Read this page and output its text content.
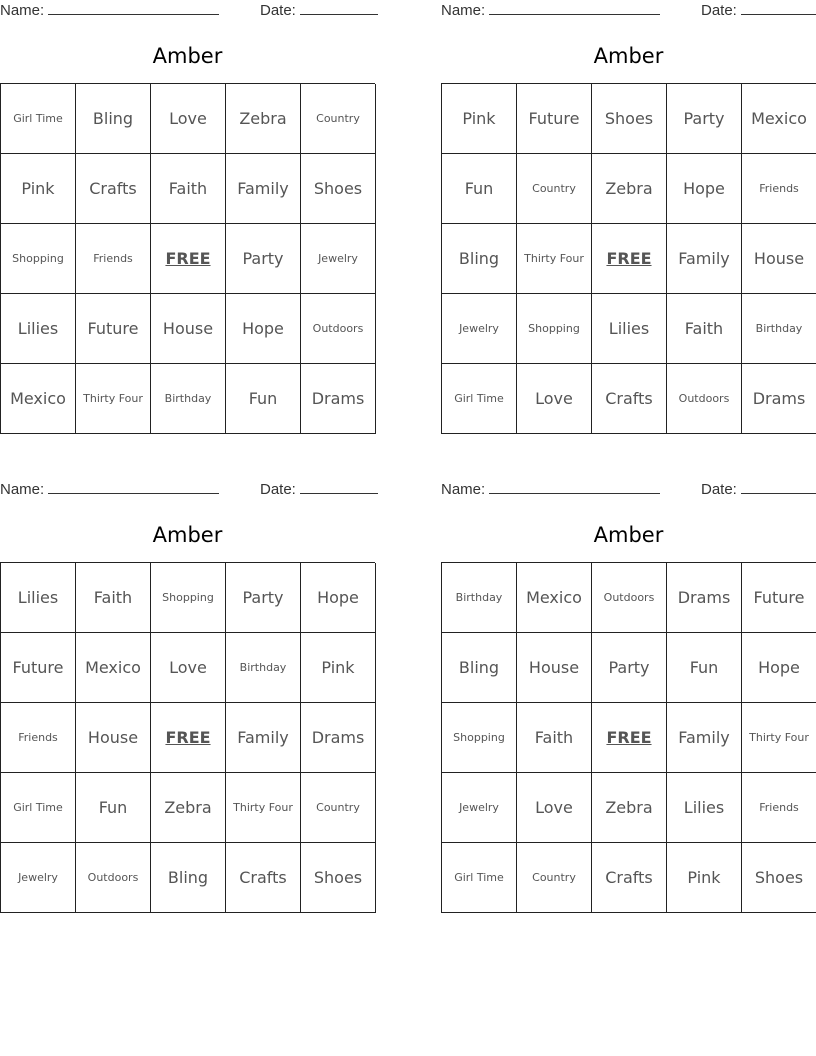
Name:	Date:
Amber
Girl Time	Bling	Love	Zebra	Country
Pink	Crafts	Faith	Family	Shoes
Shopping	Friends	FREE	Party	Jewelry
Lilies	Future	House	Hope	Outdoors
Mexico	Thirty Four	Birthday	Fun	Drams
Name:	Date:
Amber
Pink	Future	Shoes	Party	Mexico
Fun	Country	Zebra	Hope	Friends
Bling	Thirty Four	FREE	Family	House
Jewelry	Shopping	Lilies	Faith	Birthday
Girl Time	Love	Crafts	Outdoors	Drams
Name:	Date:
Amber
Lilies	Faith	Shopping	Party	Hope
Future	Mexico	Love	Birthday	Pink
Friends	House	FREE	Family	Drams
Girl Time	Fun	Zebra	Thirty Four	Country
Jewelry	Outdoors	Bling	Crafts	Shoes
Name:	Date:
Amber
Birthday	Mexico	Outdoors	Drams	Future
Bling	House	Party	Fun	Hope
Shopping	Faith	FREE	Family	Thirty Four
Jewelry	Love	Zebra	Lilies	Friends
Girl Time	Country	Crafts	Pink	Shoes
